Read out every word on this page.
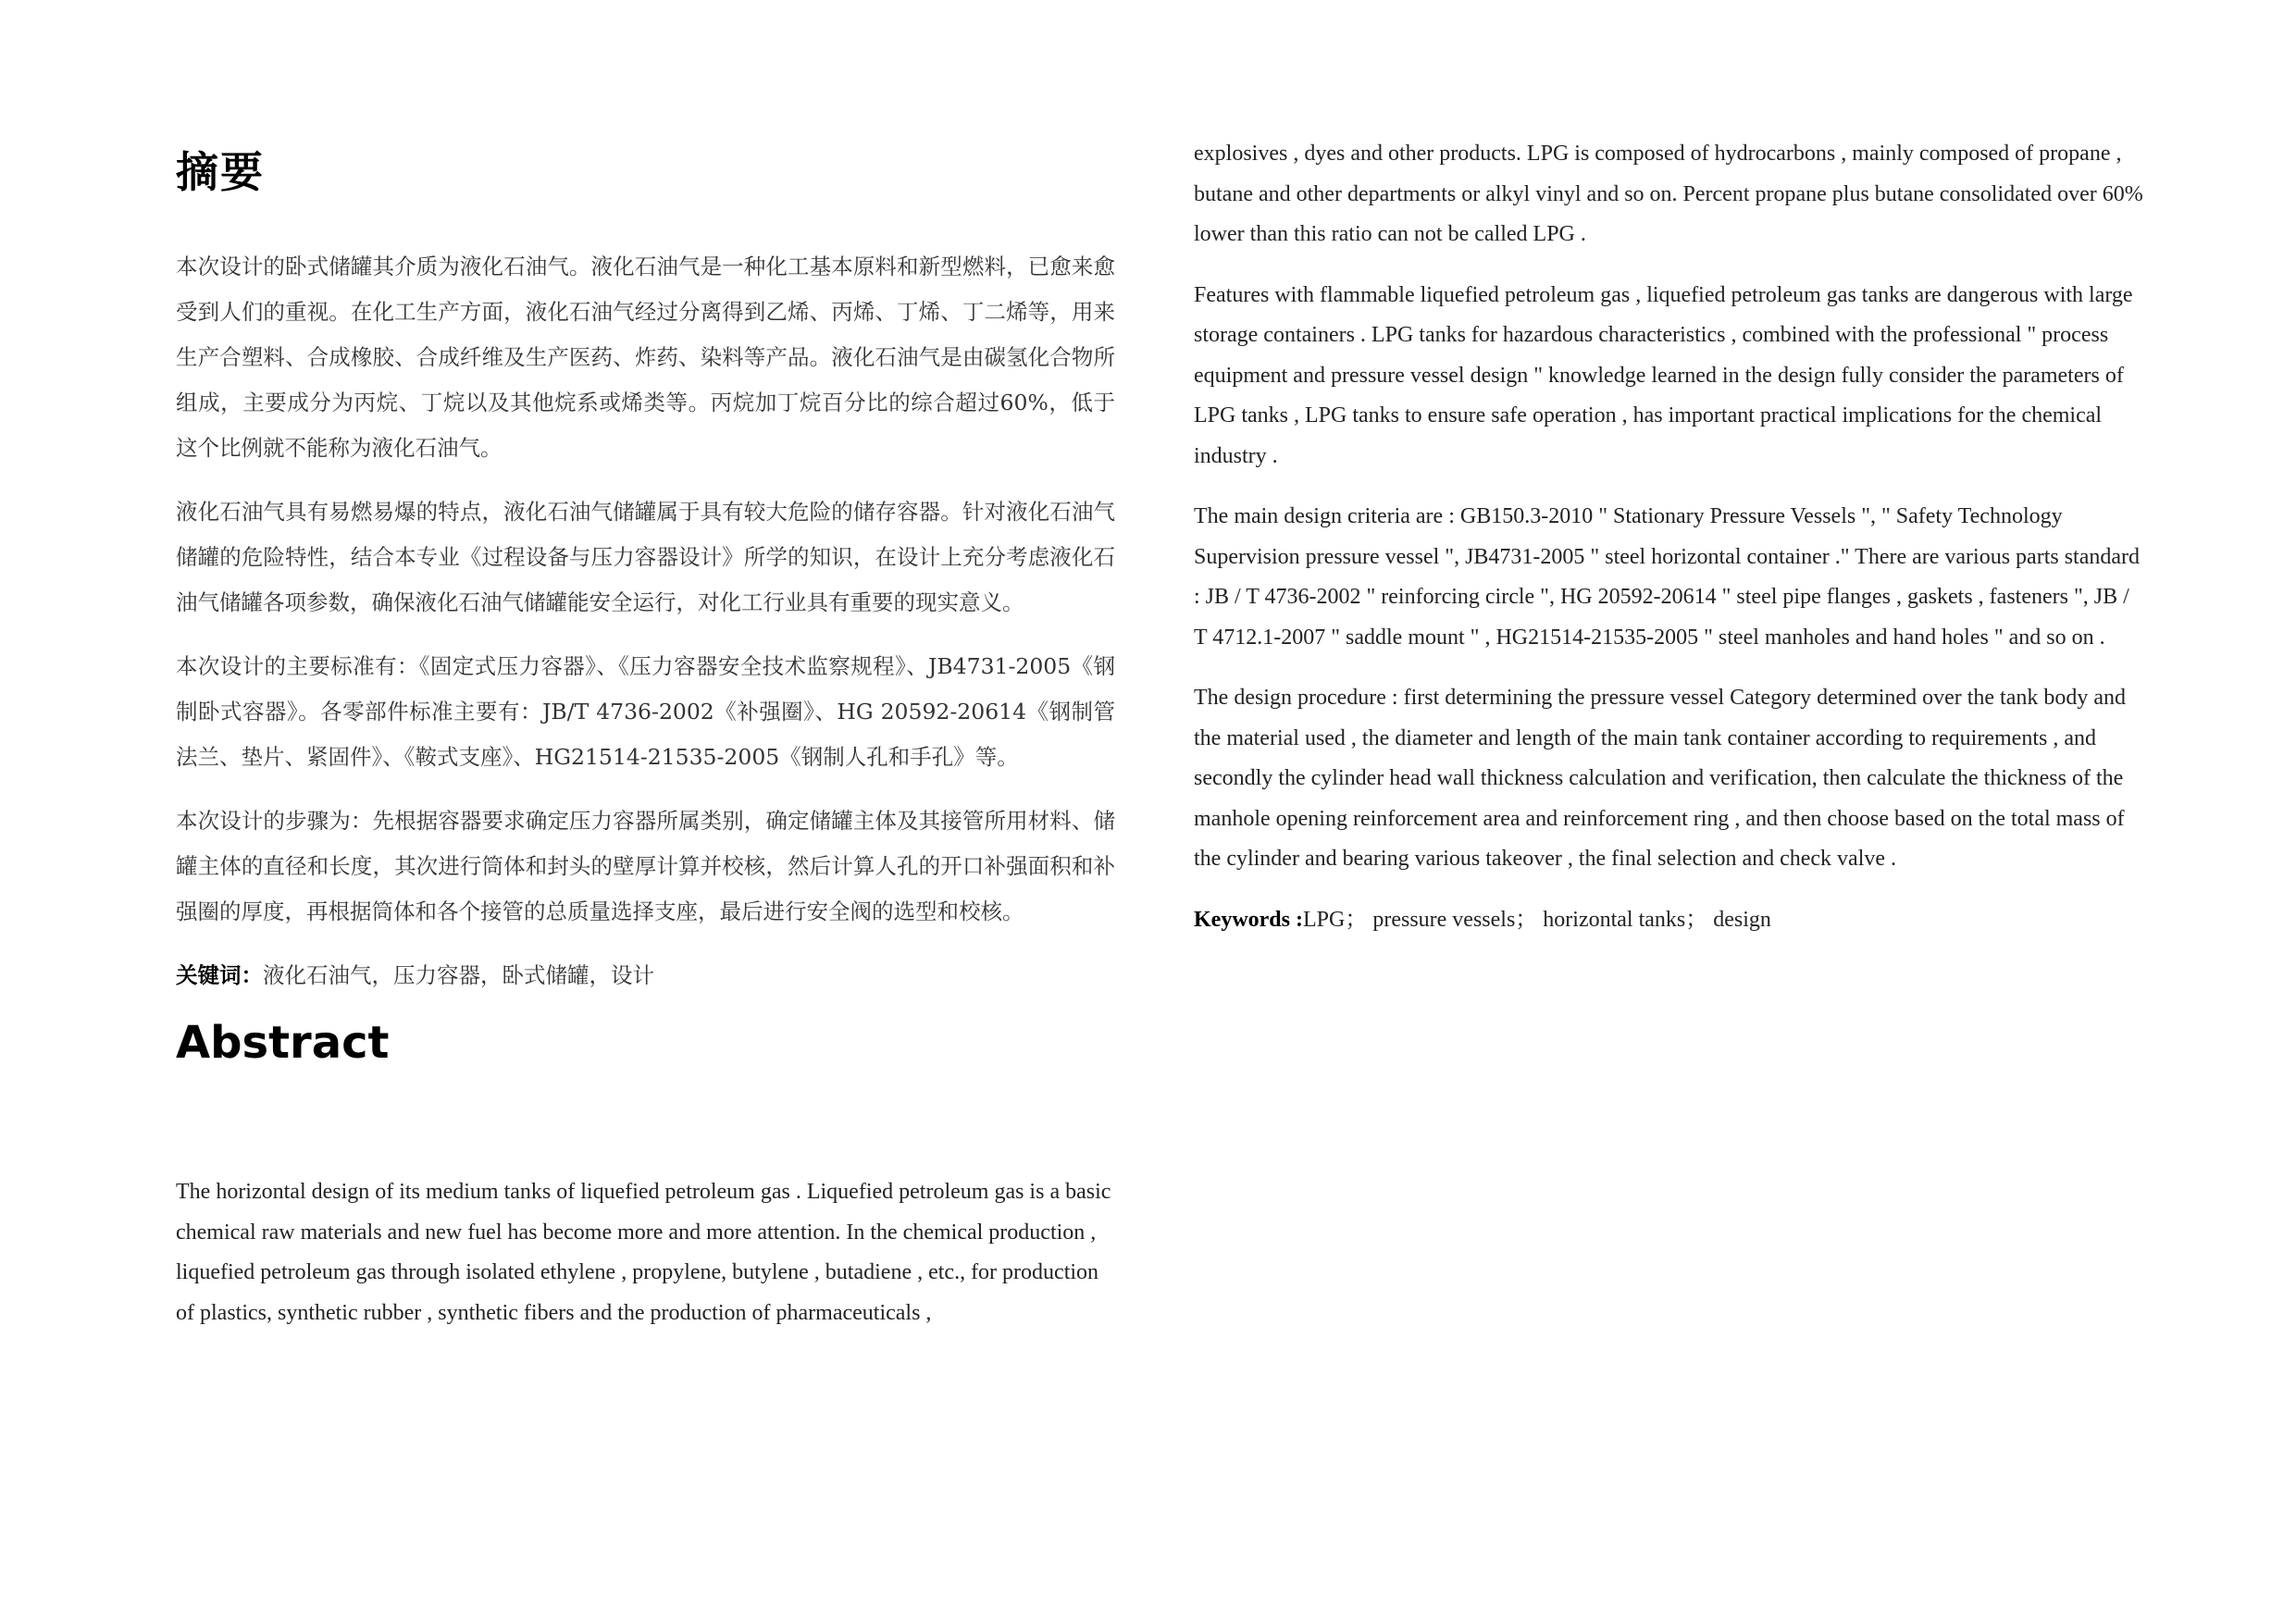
摘要

本次设计的卧式储罐其介质为液化石油气。液化石油气是一种化工基本原料和新型燃料，已愈来愈受到人们的重视。在化工生产方面，液化石油气经过分离得到乙烯、丙烯、丁烯、丁二烯等，用来生产合塑料、合成橡胶、合成纤维及生产医药、炸药、染料等产品。液化石油气是由碳氢化合物所组成，主要成分为丙烷、丁烷以及其他烷系或烯类等。丙烷加丁烷百分比的综合超过60%，低于这个比例就不能称为液化石油气。

液化石油气具有易燃易爆的特点，液化石油气储罐属于具有较大危险的储存容器。针对液化石油气储罐的危险特性，结合本专业《过程设备与压力容器设计》所学的知识，在设计上充分考虑液化石油气储罐各项参数，确保液化石油气储罐能安全运行，对化工行业具有重要的现实意义。

本次设计的主要标准有：《固定式压力容器》、《压力容器安全技术监察规程》、JB4731-2005《钢制卧式容器》。各零部件标准主要有：JB/T 4736-2002《补强圈》、HG 20592-20614《钢制管法兰、垫片、紧固件》、《鞍式支座》、HG21514-21535-2005《钢制人孔和手孔》等。

本次设计的步骤为：先根据容器要求确定压力容器所属类别，确定储罐主体及其接管所用材料、储罐主体的直径和长度，其次进行筒体和封头的壁厚计算并校核，然后计算人孔的开口补强面积和补强圈的厚度，再根据筒体和各个接管的总质量选择支座，最后进行安全阀的选型和校核。

关键词：液化石油气，压力容器，卧式储罐，设计

Abstract

The horizontal design of its medium tanks of liquefied petroleum gas . Liquefied petroleum gas is a basic chemical raw materials and new fuel has become more and more attention. In the chemical production , liquefied petroleum gas through isolated ethylene , propylene, butylene , butadiene , etc., for production of plastics, synthetic rubber , synthetic fibers and the production of pharmaceuticals ,

explosives , dyes and other products. LPG is composed of hydrocarbons , mainly composed of propane , butane and other departments or alkyl vinyl and so on. Percent propane plus butane consolidated over 60% lower than this ratio can not be called LPG .

Features with flammable liquefied petroleum gas , liquefied petroleum gas tanks are dangerous with large storage containers . LPG tanks for hazardous characteristics , combined with the professional " process equipment and pressure vessel design " knowledge learned in the design fully consider the parameters of LPG tanks , LPG tanks to ensure safe operation , has important practical implications for the chemical industry .

The main design criteria are : GB150.3-2010 " Stationary Pressure Vessels ", " Safety Technology Supervision pressure vessel ", JB4731-2005 " steel horizontal container ." There are various parts standard : JB / T 4736-2002 " reinforcing circle ", HG 20592-20614 " steel pipe flanges , gaskets , fasteners ", JB / T 4712.1-2007 " saddle mount " , HG21514-21535-2005 " steel manholes and hand holes " and so on .

The design procedure : first determining the pressure vessel Category determined over the tank body and the material used , the diameter and length of the main tank container according to requirements , and secondly the cylinder head wall thickness calculation and verification, then calculate the thickness of the manhole opening reinforcement area and reinforcement ring , and then choose based on the total mass of the cylinder and bearing various takeover , the final selection and check valve .

Keywords :LPG； pressure vessels； horizontal tanks； design
